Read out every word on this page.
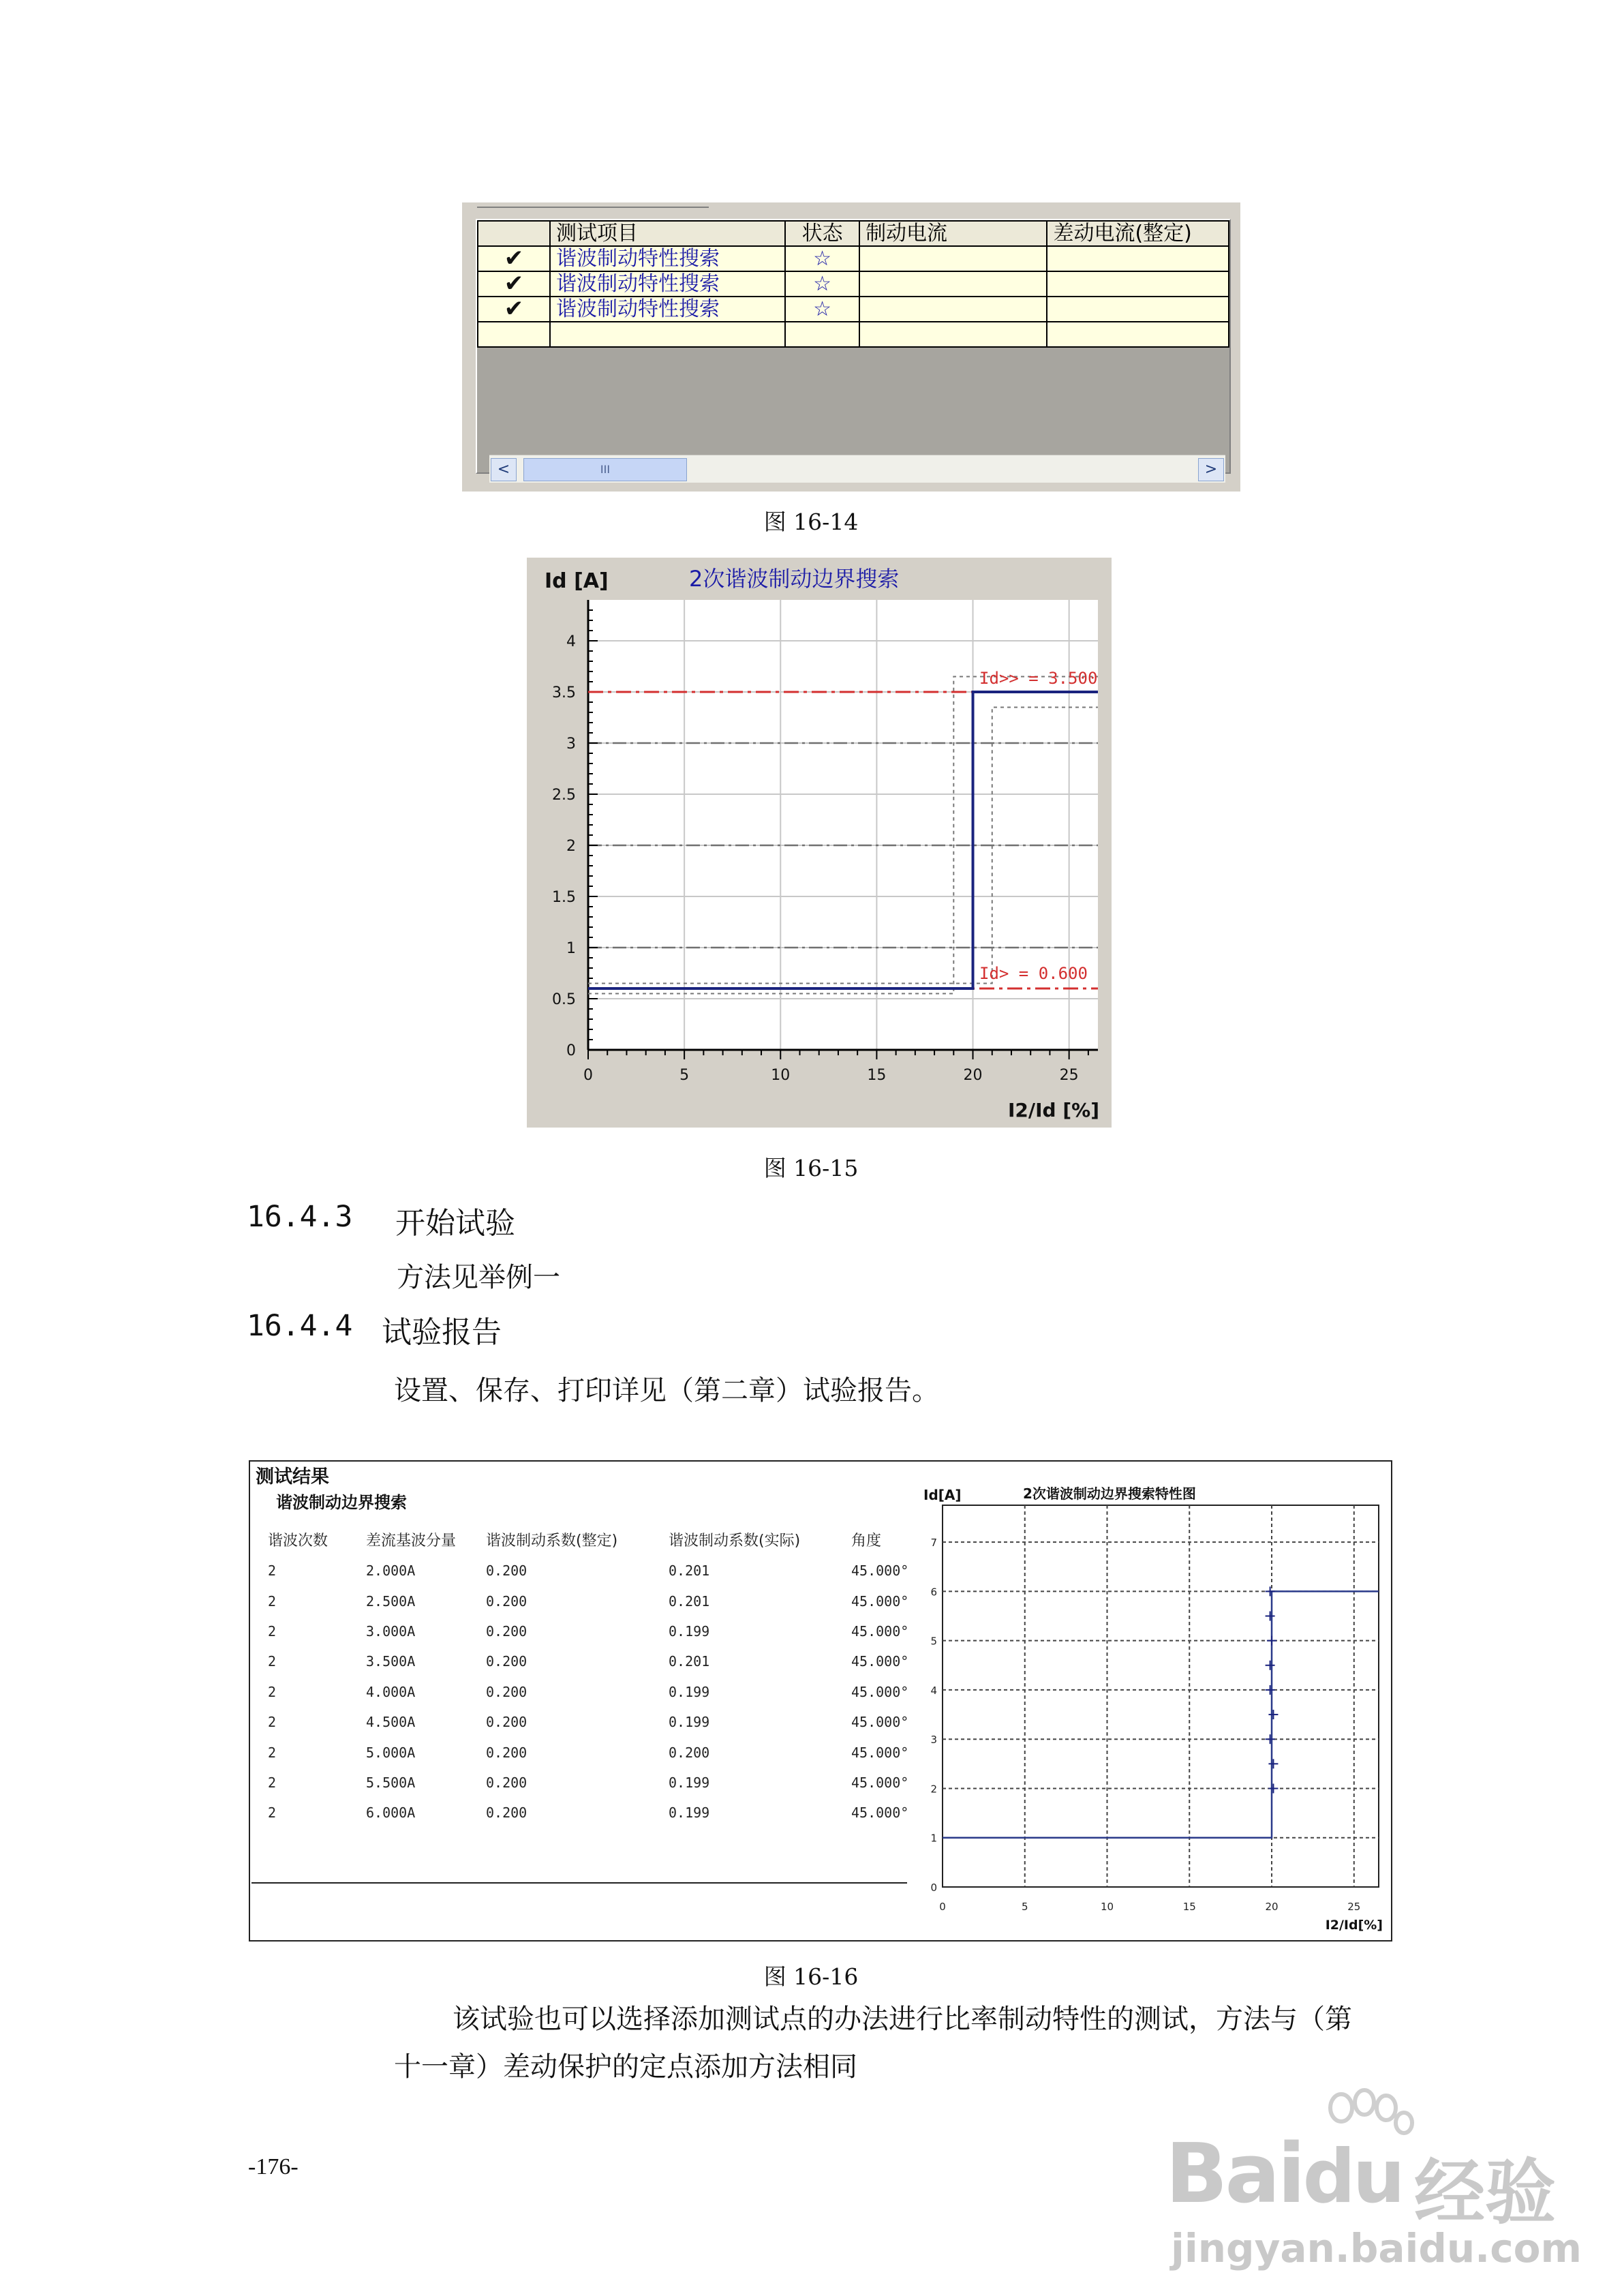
	测试项目	状态	制动电流	差动电流(整定)
✔	谐波制动特性搜索	☆		
✔	谐波制动特性搜索	☆		
✔	谐波制动特性搜索	☆		

<	III	>
图 16-14
Id [A]	2次谐波制动边界搜索
0
0.5
1
1.5
2
2.5
3
3.5
4
0	5	10	15	20	25
I2/Id [%]
Id>> = 3.500
Id> = 0.600
图 16-15
16.4.3 开始试验
方法见举例一
16.4.4 试验报告
设置、保存、打印详见（第二章）试验报告。
测试结果
谐波制动边界搜索
谐波次数	差流基波分量	谐波制动系数(整定)	谐波制动系数(实际)	角度
2	2.000A	0.200	0.201	45.000°
2	2.500A	0.200	0.201	45.000°
2	3.000A	0.200	0.199	45.000°
2	3.500A	0.200	0.201	45.000°
2	4.000A	0.200	0.199	45.000°
2	4.500A	0.200	0.199	45.000°
2	5.000A	0.200	0.200	45.000°
2	5.500A	0.200	0.199	45.000°
2	6.000A	0.200	0.199	45.000°
Id[A]	2次谐波制动边界搜索特性图
0
1
2
3
4
5
6
7
0	5	10	15	20	25
I2/Id[%]
图 16-16
该试验也可以选择添加测试点的办法进行比率制动特性的测试，方法与（第
十一章）差动保护的定点添加方法相同
-176-	Baidu 经验
jingyan.baidu.com
